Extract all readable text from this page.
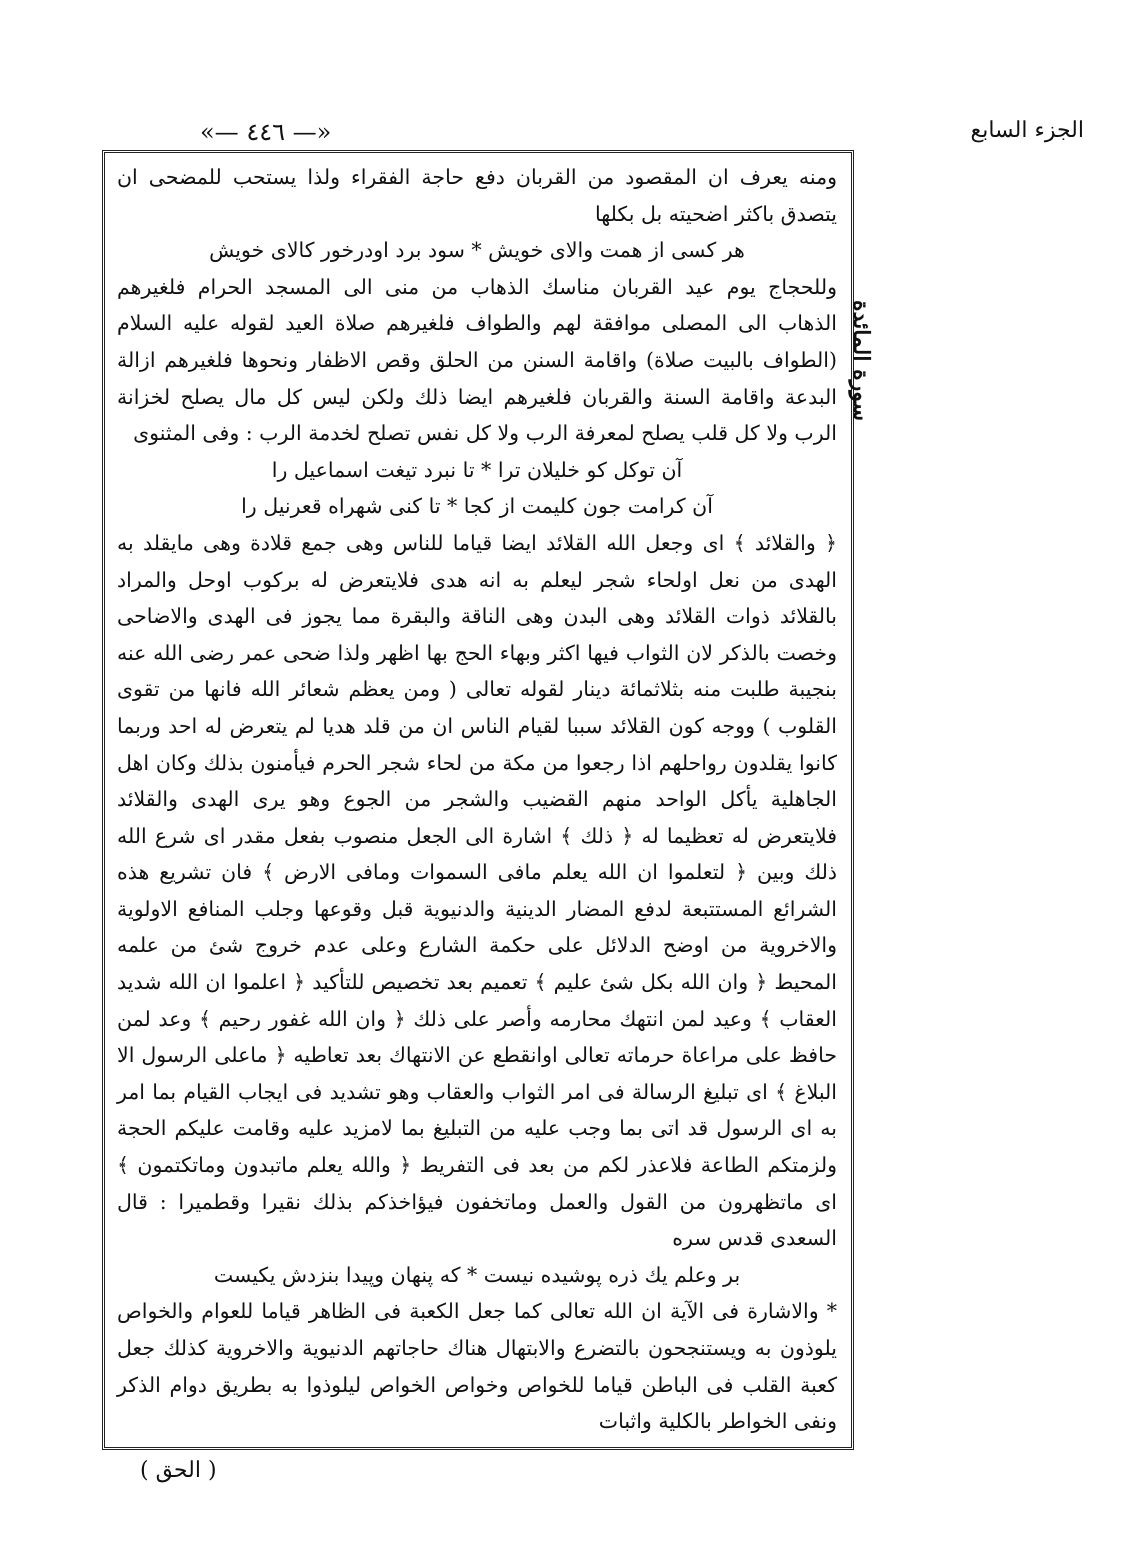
«— ٤٤٦ —»	الجزء السابع

ومنه يعرف ان المقصود من القربان دفع حاجة الفقراء ولذا يستحب للمضحى ان يتصدق باكثر اضحيته بل بكلها

هر كسى از همت والاى خويش * سود برد اودرخور كالاى خويش

وللحجاج يوم عيد القربان مناسك الذهاب من منى الى المسجد الحرام فلغيرهم الذهاب الى المصلى موافقة لهم والطواف فلغيرهم صلاة العيد لقوله عليه السلام (الطواف بالبيت صلاة) واقامة السنن من الحلق وقص الاظفار ونحوها فلغيرهم ازالة البدعة واقامة السنة والقربان فلغيرهم ايضا ذلك ولكن ليس كل مال يصلح لخزانة الرب ولا كل قلب يصلح لمعرفة الرب ولا كل نفس تصلح لخدمة الرب : وفى المثنوى

آن توكل كو خليلان ترا * تا نبرد تيغت اسماعيل را

آن كرامت جون كليمت از كجا * تا كنى شهراه قعرنيل را

﴿ والقلائد ﴾ اى وجعل الله القلائد ايضا قياما للناس وهى جمع قلادة وهى مايقلد به الهدى من نعل اولحاء شجر ليعلم به انه هدى فلايتعرض له بركوب اوحل والمراد بالقلائد ذوات القلائد وهى البدن وهى الناقة والبقرة مما يجوز فى الهدى والاضاحى وخصت بالذكر لان الثواب فيها اكثر وبهاء الحج بها اظهر ولذا ضحى عمر رضى الله عنه بنجيبة طلبت منه بثلاثمائة دينار لقوله تعالى ( ومن يعظم شعائر الله فانها من تقوى القلوب ) ووجه كون القلائد سببا لقيام الناس ان من قلد هديا لم يتعرض له احد وربما كانوا يقلدون رواحلهم اذا رجعوا من مكة من لحاء شجر الحرم فيأمنون بذلك وكان اهل الجاهلية يأكل الواحد منهم القضيب والشجر من الجوع وهو يرى الهدى والقلائد فلايتعرض له تعظيما له ﴿ ذلك ﴾ اشارة الى الجعل منصوب بفعل مقدر اى شرع الله ذلك وبين ﴿ لتعلموا ان الله يعلم مافى السموات ومافى الارض ﴾ فان تشريع هذه الشرائع المستتبعة لدفع المضار الدينية والدنيوية قبل وقوعها وجلب المنافع الاولوية والاخروية من اوضح الدلائل على حكمة الشارع وعلى عدم خروج شئ من علمه المحيط ﴿ وان الله بكل شئ عليم ﴾ تعميم بعد تخصيص للتأكيد ﴿ اعلموا ان الله شديد العقاب ﴾ وعيد لمن انتهك محارمه وأصر على ذلك ﴿ وان الله غفور رحيم ﴾ وعد لمن حافظ على مراعاة حرماته تعالى اوانقطع عن الانتهاك بعد تعاطيه ﴿ ماعلى الرسول الا البلاغ ﴾ اى تبليغ الرسالة فى امر الثواب والعقاب وهو تشديد فى ايجاب القيام بما امر به اى الرسول قد اتى بما وجب عليه من التبليغ بما لامزيد عليه وقامت عليكم الحجة ولزمتكم الطاعة فلاعذر لكم من بعد فى التفريط ﴿ والله يعلم ماتبدون وماتكتمون ﴾ اى ماتظهرون من القول والعمل وماتخفون فيؤاخذكم بذلك نقيرا وقطميرا : قال السعدى قدس سره

بر وعلم يك ذره پوشيده نيست * كه پنهان وپيدا بنزدش يكيست

* والاشارة فى الآية ان الله تعالى كما جعل الكعبة فى الظاهر قياما للعوام والخواص يلوذون به ويستنجحون بالتضرع والابتهال هناك حاجاتهم الدنيوية والاخروية كذلك جعل كعبة القلب فى الباطن قياما للخواص وخواص الخواص ليلوذوا به بطريق دوام الذكر ونفى الخواطر بالكلية واثبات

سورة المائدة
( الحق )
